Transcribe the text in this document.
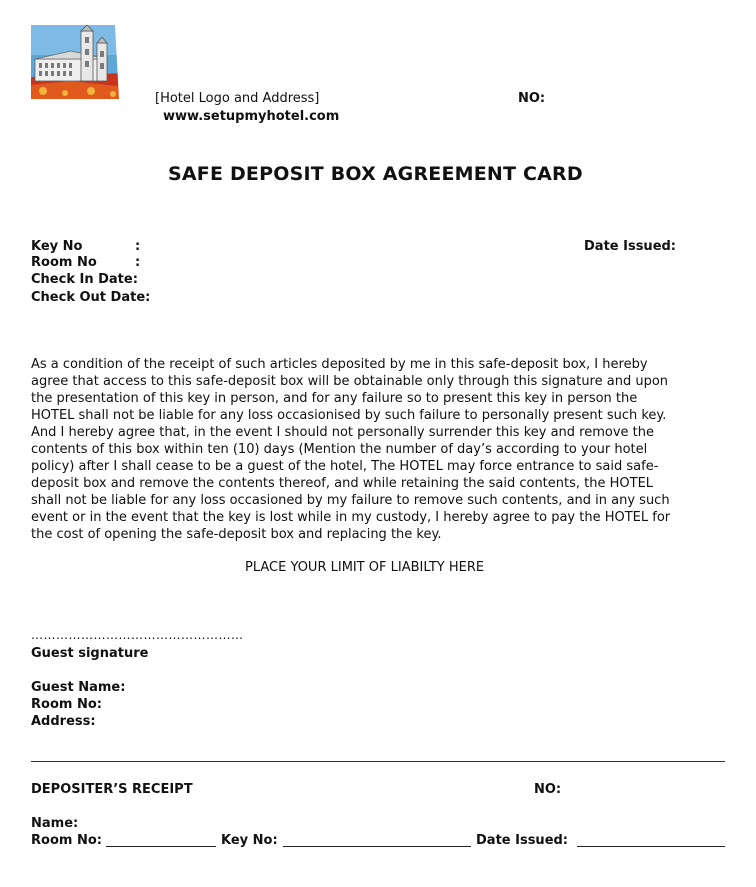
[Hotel Logo and Address]
www.setupmyhotel.com
NO:
SAFE DEPOSIT BOX AGREEMENT CARD
Key No	:
Room No	:
Check In Date:
Check Out Date:
Date Issued:
As a condition of the receipt of such articles deposited by me in this safe-deposit box, I hereby
agree that access to this safe-deposit box will be obtainable only through this signature and upon
the presentation of this key in person, and for any failure so to present this key in person the
HOTEL shall not be liable for any loss occasionised by such failure to personally present such key.
And I hereby agree that, in the event I should not personally surrender this key and remove the
contents of this box within ten (10) days (Mention the number of day’s according to your hotel
policy) after I shall cease to be a guest of the hotel, The HOTEL may force entrance to said safe-
deposit box and remove the contents thereof, and while retaining the said contents, the HOTEL
shall not be liable for any loss occasioned by my failure to remove such contents, and in any such
event or in the event that the key is lost while in my custody, I hereby agree to pay the HOTEL for
the cost of opening the safe-deposit box and replacing the key.
PLACE YOUR LIMIT OF LIABILTY HERE
……………………………………………
Guest signature
Guest Name:
Room No:
Address:
DEPOSITER’S RECEIPT	NO:
Name:
Room No:	Key No:	Date Issued:
